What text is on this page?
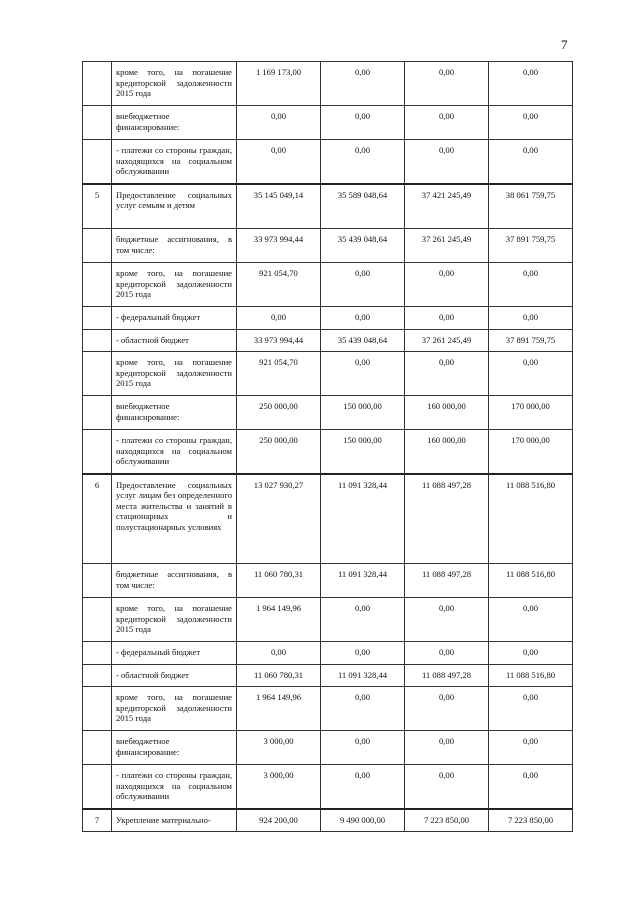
7
	кроме того, на погашение кредиторской задолженности 2015 года	1 169 173,00	0,00	0,00	0,00
	внебюджетное финансирование:	0,00	0,00	0,00	0,00
	- платежи со стороны граждан, находящихся на социальном обслуживании	0,00	0,00	0,00	0,00
5	Предоставление социальных услуг семьям и детям	35 145 049,14	35 589 048,64	37 421 245,49	38 061 759,75
	бюджетные ассигнования, в том числе:	33 973 994,44	35 439 048,64	37 261 245,49	37 891 759,75
	кроме того, на погашение кредиторской задолженности 2015 года	921 054,70	0,00	0,00	0,00
	- федеральный бюджет	0,00	0,00	0,00	0,00
	- областной бюджет	33 973 994,44	35 439 048,64	37 261 245,49	37 891 759,75
	кроме того, на погашение кредиторской задолженности 2015 года	921 054,70	0,00	0,00	0,00
	внебюджетное финансирование:	250 000,00	150 000,00	160 000,00	170 000,00
	- платежи со стороны граждан, находящихся на социальном обслуживании	250 000,00	150 000,00	160 000,00	170 000,00
6	Предоставление социальных услуг лицам без определенного места жительства и занятий в стационарных и полустационарных условиях	13 027 930,27	11 091 328,44	11 088 497,28	11 088 516,80
	бюджетные ассигнования, в том числе:	11 060 780,31	11 091 328,44	11 088 497,28	11 088 516,80
	кроме того, на погашение кредиторской задолженности 2015 года	1 964 149,96	0,00	0,00	0,00
	- федеральный бюджет	0,00	0,00	0,00	0,00
	- областной бюджет	11 060 780,31	11 091 328,44	11 088 497,28	11 088 516,80
	кроме того, на погашение кредиторской задолженности 2015 года	1 964 149,96	0,00	0,00	0,00
	внебюджетное финансирование:	3 000,00	0,00	0,00	0,00
	- платежи со стороны граждан, находящихся на социальном обслуживании	3 000,00	0,00	0,00	0,00
7	Укрепление материально-	924 200,00	9 490 000,00	7 223 850,00	7 223 850,00
